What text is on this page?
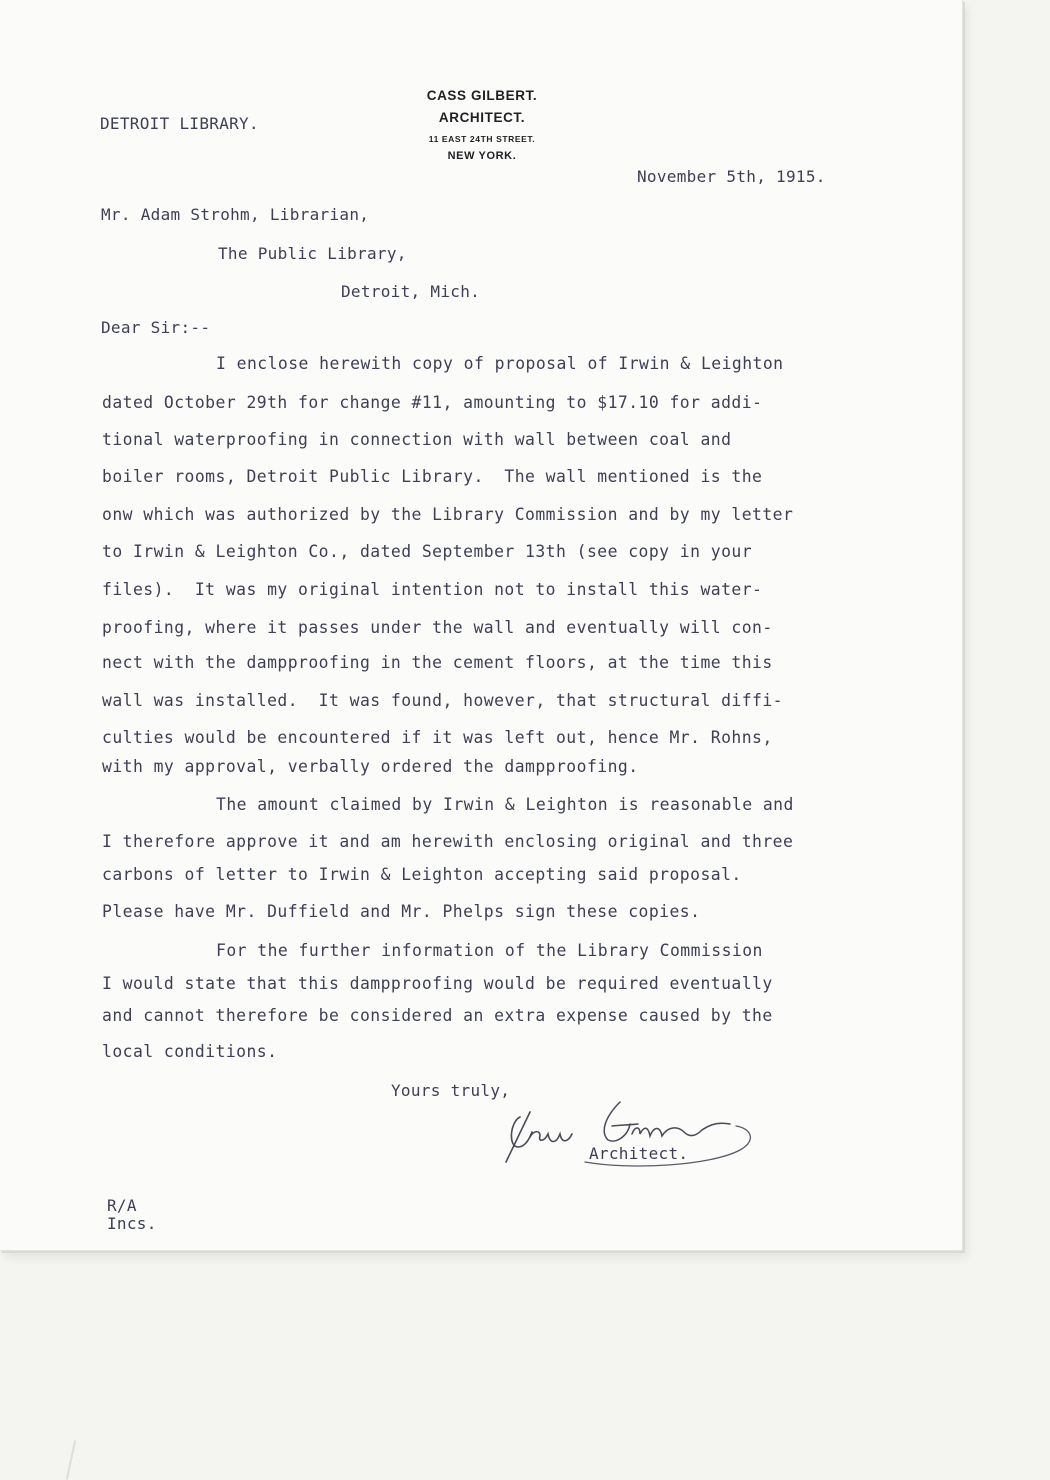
DETROIT LIBRARY.
CASS GILBERT.
ARCHITECT.
11 EAST 24TH STREET.
NEW YORK.
November 5th, 1915.
Mr. Adam Strohm, Librarian,
The Public Library,
Detroit, Mich.
Dear Sir:--
I enclose herewith copy of proposal of Irwin & Leighton
dated October 29th for change #11, amounting to $17.10 for addi-
tional waterproofing in connection with wall between coal and
boiler rooms, Detroit Public Library.  The wall mentioned is the
onw which was authorized by the Library Commission and by my letter
to Irwin & Leighton Co., dated September 13th (see copy in your
files).  It was my original intention not to install this water-
proofing, where it passes under the wall and eventually will con-
nect with the dampproofing in the cement floors, at the time this
wall was installed.  It was found, however, that structural diffi-
culties would be encountered if it was left out, hence Mr. Rohns,
with my approval, verbally ordered the dampproofing.
The amount claimed by Irwin & Leighton is reasonable and
I therefore approve it and am herewith enclosing original and three
carbons of letter to Irwin & Leighton accepting said proposal.
Please have Mr. Duffield and Mr. Phelps sign these copies.
For the further information of the Library Commission
I would state that this dampproofing would be required eventually
and cannot therefore be considered an extra expense caused by the
local conditions.
Yours truly,
Architect.
R/A
Incs.
